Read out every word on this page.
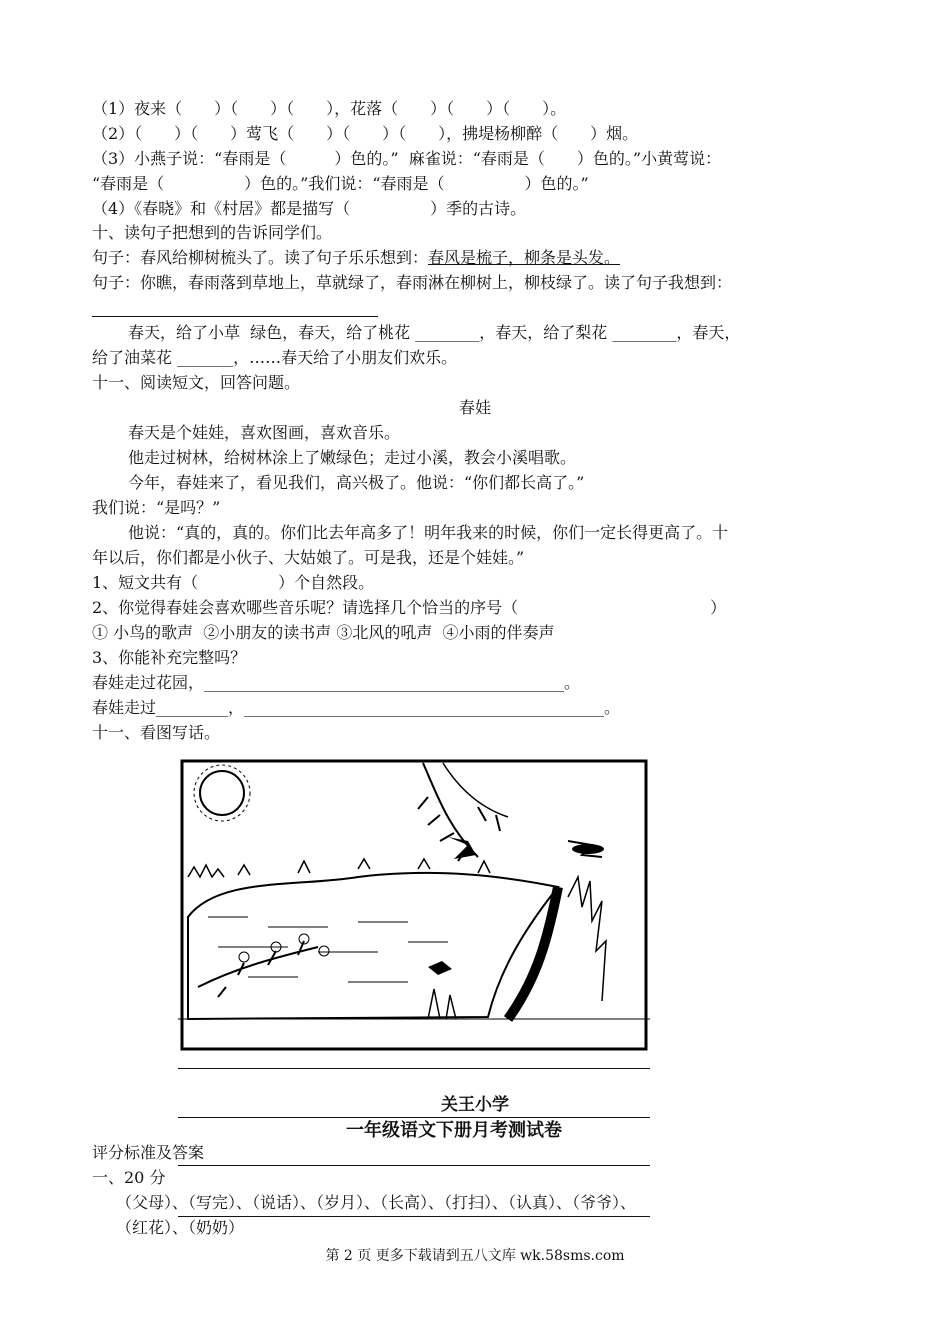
（1）夜来（　　）（　　）（　　），花落（　　）（　　）（　　）。
（2）（　　）（　　）莺飞（　　）（　　）（　　），拂堤杨柳醉（　　）烟。
（3）小燕子说：“春雨是（　　　）色的。”  麻雀说：“春雨是（　　）色的。”小黄莺说：
“春雨是（　　　　　）色的。”我们说：“春雨是（　　　　　）色的。”
（4）《春晓》和《村居》都是描写（　　　　　）季的古诗。
十、读句子把想到的告诉同学们。
句子：春风给柳树梳头了。读了句子乐乐想到：春风是梳子，柳条是头发。
句子：你瞧，春雨落到草地上，草就绿了，春雨淋在柳树上，柳枝绿了。读了句子我想到：
春天，给了小草  绿色，春天，给了桃花 ________，春天，给了梨花 ________，春天，
给了油菜花 _______，……春天给了小朋友们欢乐。
十一、阅读短文，回答问题。
春娃
春天是个娃娃，喜欢图画，喜欢音乐。
他走过树林，给树林涂上了嫩绿色；走过小溪，教会小溪唱歌。
今年，春娃来了，看见我们，高兴极了。他说：“你们都长高了。”
我们说：“是吗？”
他说：“真的，真的。你们比去年高多了！明年我来的时候，你们一定长得更高了。十
年以后，你们都是小伙子、大姑娘了。可是我，还是个娃娃。”
1、短文共有（　　　　　）个自然段。
2、你觉得春娃会喜欢哪些音乐呢？请选择几个恰当的序号（　　　　　　　　　　　　）
① 小鸟的歌声  ②小朋友的读书声 ③北风的吼声  ④小雨的伴奏声
3、你能补充完整吗？
春娃走过花园，_____________________________________________。
春娃走过_________，_____________________________________________。
十一、看图写话。
关王小学
一年级语文下册月考测试卷
评分标准及答案
一、20 分
（父母）、（写完）、（说话）、（岁月）、（长高）、（打扫）、（认真）、（爷爷）、
（红花）、（奶奶）
第 2 页 更多下载请到五八文库 wk.58sms.com
